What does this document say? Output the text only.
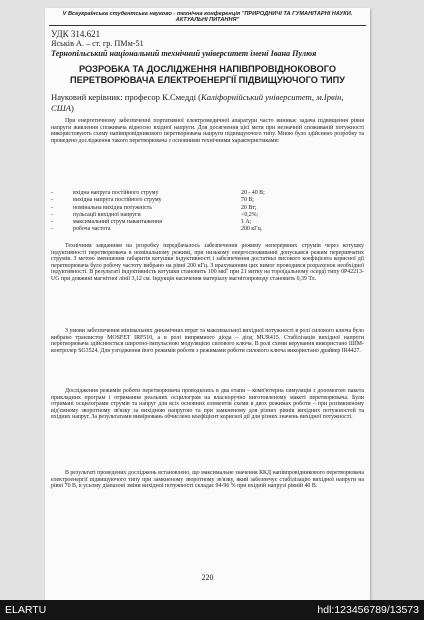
V Всеукраїнська студентська науково - технічна конференція "ПРИРОДНИЧІ ТА ГУМАНІТАРНІ НАУКИ. АКТУАЛЬНІ ПИТАННЯ"
УДК 314.621
Яськів А. – ст. гр. ПМм-51
Тернопільський національний технічний університет імені Івана Пулюя
РОЗРОБКА ТА ДОСЛІДЖЕННЯ НАПІВПРОВІДНОКОВОГО ПЕРЕТВОРЮВАЧА ЕЛЕКТРОЕНЕРГІЇ ПІДВИЩУЮЧОГО ТИПУ
Науковий керівник: професор К.Смеддi (Каліфорнійський університет, м.Ірвін, США)
При енергетичному забезпеченні портативної електромедичної апаратури часто виникає задача підвищення рівня напруги живлення споживача відносно вхідної напруги. Для досягнення цієї мети при незначній споживаній потужності використовують схему напівпровідникового перетворювача напруги підвищуючого типу. Мною було здійснено розробку та проведено дослідження такого перетворювача з основними технічними характеристиками:
-	вхідна напруга постійного струму	20 - 40 В;
-	вихідна напруга постійного струму	70 В;
-	номінальна вихідна потужність	20 Вт;
-	пульсації вихідної напруги	<0,2%;
-	максимальний струм навантаження	1 А;
-	робоча частота	200 кГц.
Технічним завданням на розробку передбачалось забезпечення режиму неперервних струмів через котушку індуктивності перетворювача в номінальному режимі, при низькому енергоспоживанні допускався режим переривчатих струмів. З метою зменшення габаритів котушки індуктивності і забезпечення достатньо високого коефіцієнта корисної дії перетворювача було робочу частоту вибрано на рівні 200 кГц. З врахуванням цих вимог проводився розрахунок необхідної індуктивності. В результаті індуктивність котушки становить 100 мкГ при 21 витку на тороїдальному осерді типу 0Р42213-UG при довжині магнітної лінії 3,12 см. Індукція насичення матеріалу магнітопроводу становить 0,39 Тл.
З умови забезпечення мінімальних динамічних втрат та максимальної вихідної потужності в ролі силового ключа було вибрано транзистор MOSFET IRF510, а в ролі випрямного діода – діод MUR415. Стабілізація вихідної напруги перетворювача здійснюється широтно-імпульсною модуляцією силового ключа. В ролі схеми керування використано ШІМ-контролер SG3524. Для узгодження його режимів роботи з режимами роботи силового ключа використано драйвер IR4427.
Дослідження режимів роботи перетворювача проводились в два етапи – комп'ютерна симуляція з допомогою пакета прикладних програм і отримання реальних осцилограм на власноручно виготовленому макеті перетворювача. Були отримані осцилограми струмів та напруг для всіх основних елементів схеми в двох режимах роботи – при розімкненому від'ємному зворотному зв'язку за вихідною напругою та при замкненому для різних рівнів вихідних потужностей та вхідних напруг. За результатами вимірювань обчислено коефіцієнт корисної дії для різних значень вихідної потужності.
В результаті проведених досліджень встановлено, що максимальне значення ККД напівпровідникового перетворювача електроенергії підвищуючого типу при замкненому зворотному зв'язку, який забезпечує стабілізацію вихідної напруги на рівні 70 В, в усьому діапазоні зміни вихідної потужності складає 94-96 % при вхідній напрузі рівній 40 В.
220
ELARTU	hdl:123456789/13573
